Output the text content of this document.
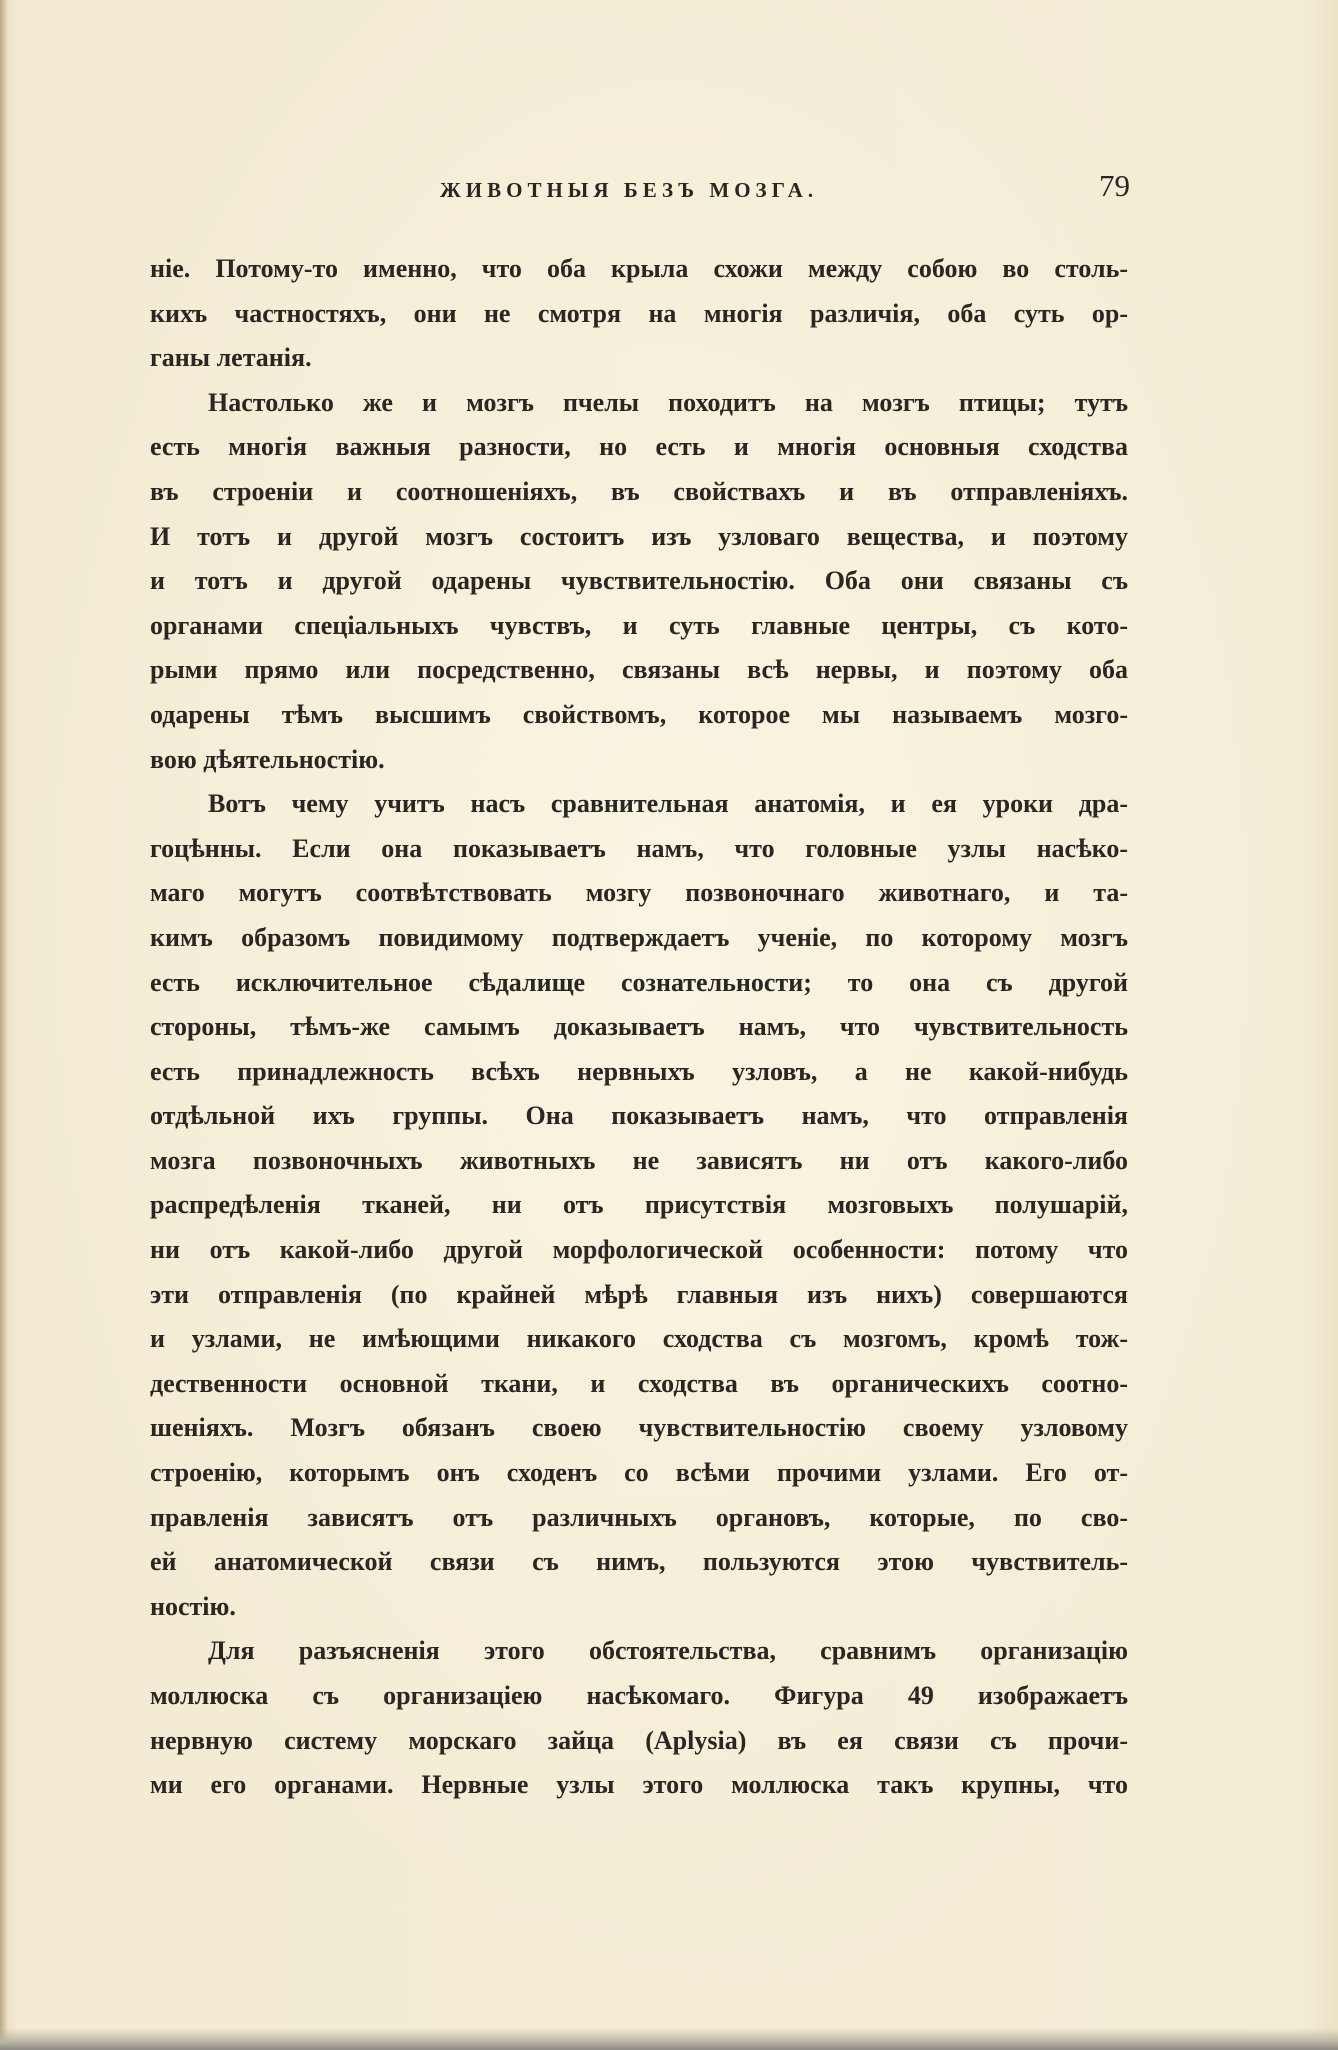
ЖИВОТНЫЯ БЕЗЪ МОЗГА.	79
ніе. Потому-то именно, что оба крыла схожи между собою во столь-
кихъ частностяхъ, они не смотря на многія различія, оба суть ор-
ганы летанія.
Настолько же и мозгъ пчелы походитъ на мозгъ птицы; тутъ
есть многія важныя разности, но есть и многія основныя сходства
въ строеніи и соотношеніяхъ, въ свойствахъ и въ отправленіяхъ.
И тотъ и другой мозгъ состоитъ изъ узловаго вещества, и поэтому
и тотъ и другой одарены чувствительностію. Оба они связаны съ
органами спеціальныхъ чувствъ, и суть главные центры, съ кото-
рыми прямо или посредственно, связаны всѣ нервы, и поэтому оба
одарены тѣмъ высшимъ свойствомъ, которое мы называемъ мозго-
вою дѣятельностію.
Вотъ чему учитъ насъ сравнительная анатомія, и ея уроки дра-
гоцѣнны. Если она показываетъ намъ, что головные узлы насѣко-
маго могутъ соотвѣтствовать мозгу позвоночнаго животнаго, и та-
кимъ образомъ повидимому подтверждаетъ ученіе, по которому мозгъ
есть исключительное сѣдалище сознательности; то она съ другой
стороны, тѣмъ-же самымъ доказываетъ намъ, что чувствительность
есть принадлежность всѣхъ нервныхъ узловъ, а не какой-нибудь
отдѣльной ихъ группы. Она показываетъ намъ, что отправленія
мозга позвоночныхъ животныхъ не зависятъ ни отъ какого-либо
распредѣленія тканей, ни отъ присутствія мозговыхъ полушарій,
ни отъ какой-либо другой морфологической особенности: потому что
эти отправленія (по крайней мѣрѣ главныя изъ нихъ) совершаются
и узлами, не имѣющими никакого сходства съ мозгомъ, кромѣ тож-
дественности основной ткани, и сходства въ органическихъ соотно-
шеніяхъ. Мозгъ обязанъ своею чувствительностію своему узловому
строенію, которымъ онъ сходенъ со всѣми прочими узлами. Его от-
правленія зависятъ отъ различныхъ органовъ, которые, по сво-
ей анатомической связи съ нимъ, пользуются этою чувствитель-
ностію.
Для разъясненія этого обстоятельства, сравнимъ организацію
моллюска съ организаціею насѣкомаго. Фигура 49 изображаетъ
нервную систему морскаго зайца (Aplysia) въ ея связи съ прочи-
ми его органами. Нервные узлы этого моллюска такъ крупны, что
